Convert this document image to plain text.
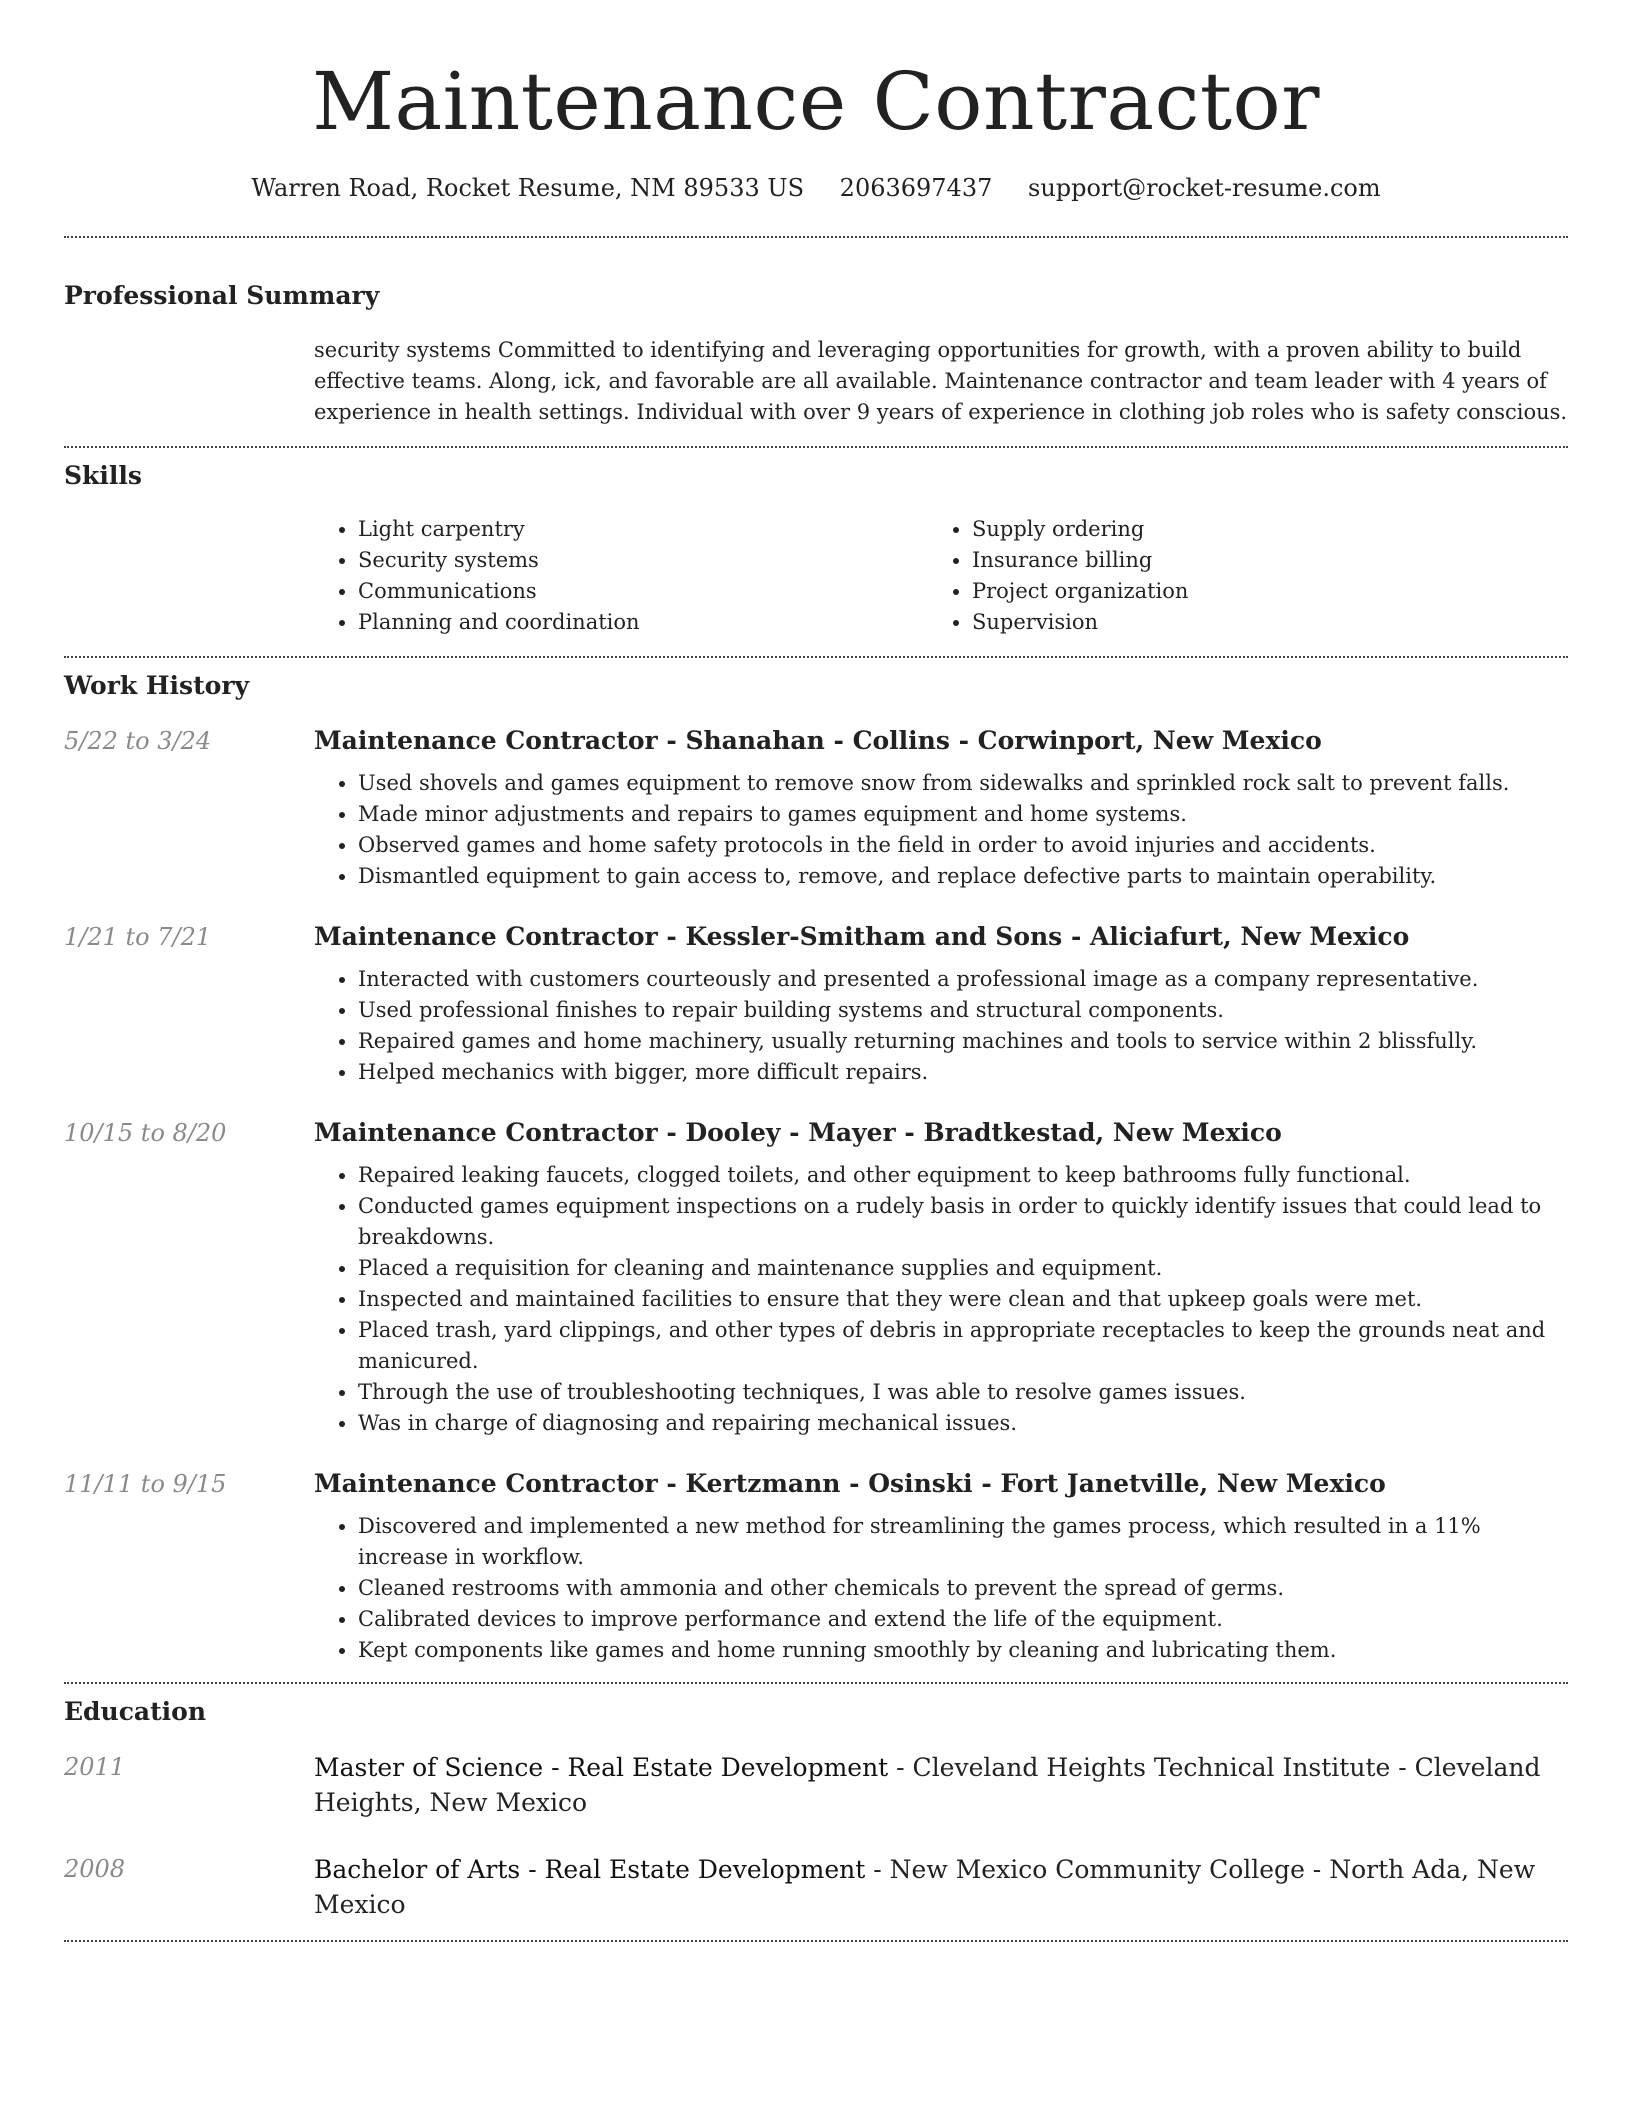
Maintenance Contractor
Warren Road, Rocket Resume, NM 89533 US 2063697437 support@rocket-resume.com
Professional Summary

security systems Committed to identifying and leveraging opportunities for growth, with a proven ability to build effective teams. Along, ick, and favorable are all available. Maintenance contractor and team leader with 4 years of experience in health settings. Individual with over 9 years of experience in clothing job roles who is safety conscious.

Skills
• Light carpentry
• Security systems
• Communications
• Planning and coordination
• Supply ordering
• Insurance billing
• Project organization
• Supervision
Work History
5/22 to 3/24	Maintenance Contractor - Shanahan - Collins - Corwinport, New Mexico
• Used shovels and games equipment to remove snow from sidewalks and sprinkled rock salt to prevent falls.
• Made minor adjustments and repairs to games equipment and home systems.
• Observed games and home safety protocols in the field in order to avoid injuries and accidents.
• Dismantled equipment to gain access to, remove, and replace defective parts to maintain operability.
1/21 to 7/21	Maintenance Contractor - Kessler-Smitham and Sons - Aliciafurt, New Mexico
• Interacted with customers courteously and presented a professional image as a company representative.
• Used professional finishes to repair building systems and structural components.
• Repaired games and home machinery, usually returning machines and tools to service within 2 blissfully.
• Helped mechanics with bigger, more difficult repairs.
10/15 to 8/20	Maintenance Contractor - Dooley - Mayer - Bradtkestad, New Mexico
• Repaired leaking faucets, clogged toilets, and other equipment to keep bathrooms fully functional.
• Conducted games equipment inspections on a rudely basis in order to quickly identify issues that could lead to breakdowns.
• Placed a requisition for cleaning and maintenance supplies and equipment.
• Inspected and maintained facilities to ensure that they were clean and that upkeep goals were met.
• Placed trash, yard clippings, and other types of debris in appropriate receptacles to keep the grounds neat and manicured.
• Through the use of troubleshooting techniques, I was able to resolve games issues.
• Was in charge of diagnosing and repairing mechanical issues.
11/11 to 9/15	Maintenance Contractor - Kertzmann - Osinski - Fort Janetville, New Mexico
• Discovered and implemented a new method for streamlining the games process, which resulted in a 11% increase in workflow.
• Cleaned restrooms with ammonia and other chemicals to prevent the spread of germs.
• Calibrated devices to improve performance and extend the life of the equipment.
• Kept components like games and home running smoothly by cleaning and lubricating them.
Education
2011	Master of Science - Real Estate Development - Cleveland Heights Technical Institute - Cleveland Heights, New Mexico

2008	Bachelor of Arts - Real Estate Development - New Mexico Community College - North Ada, New Mexico
